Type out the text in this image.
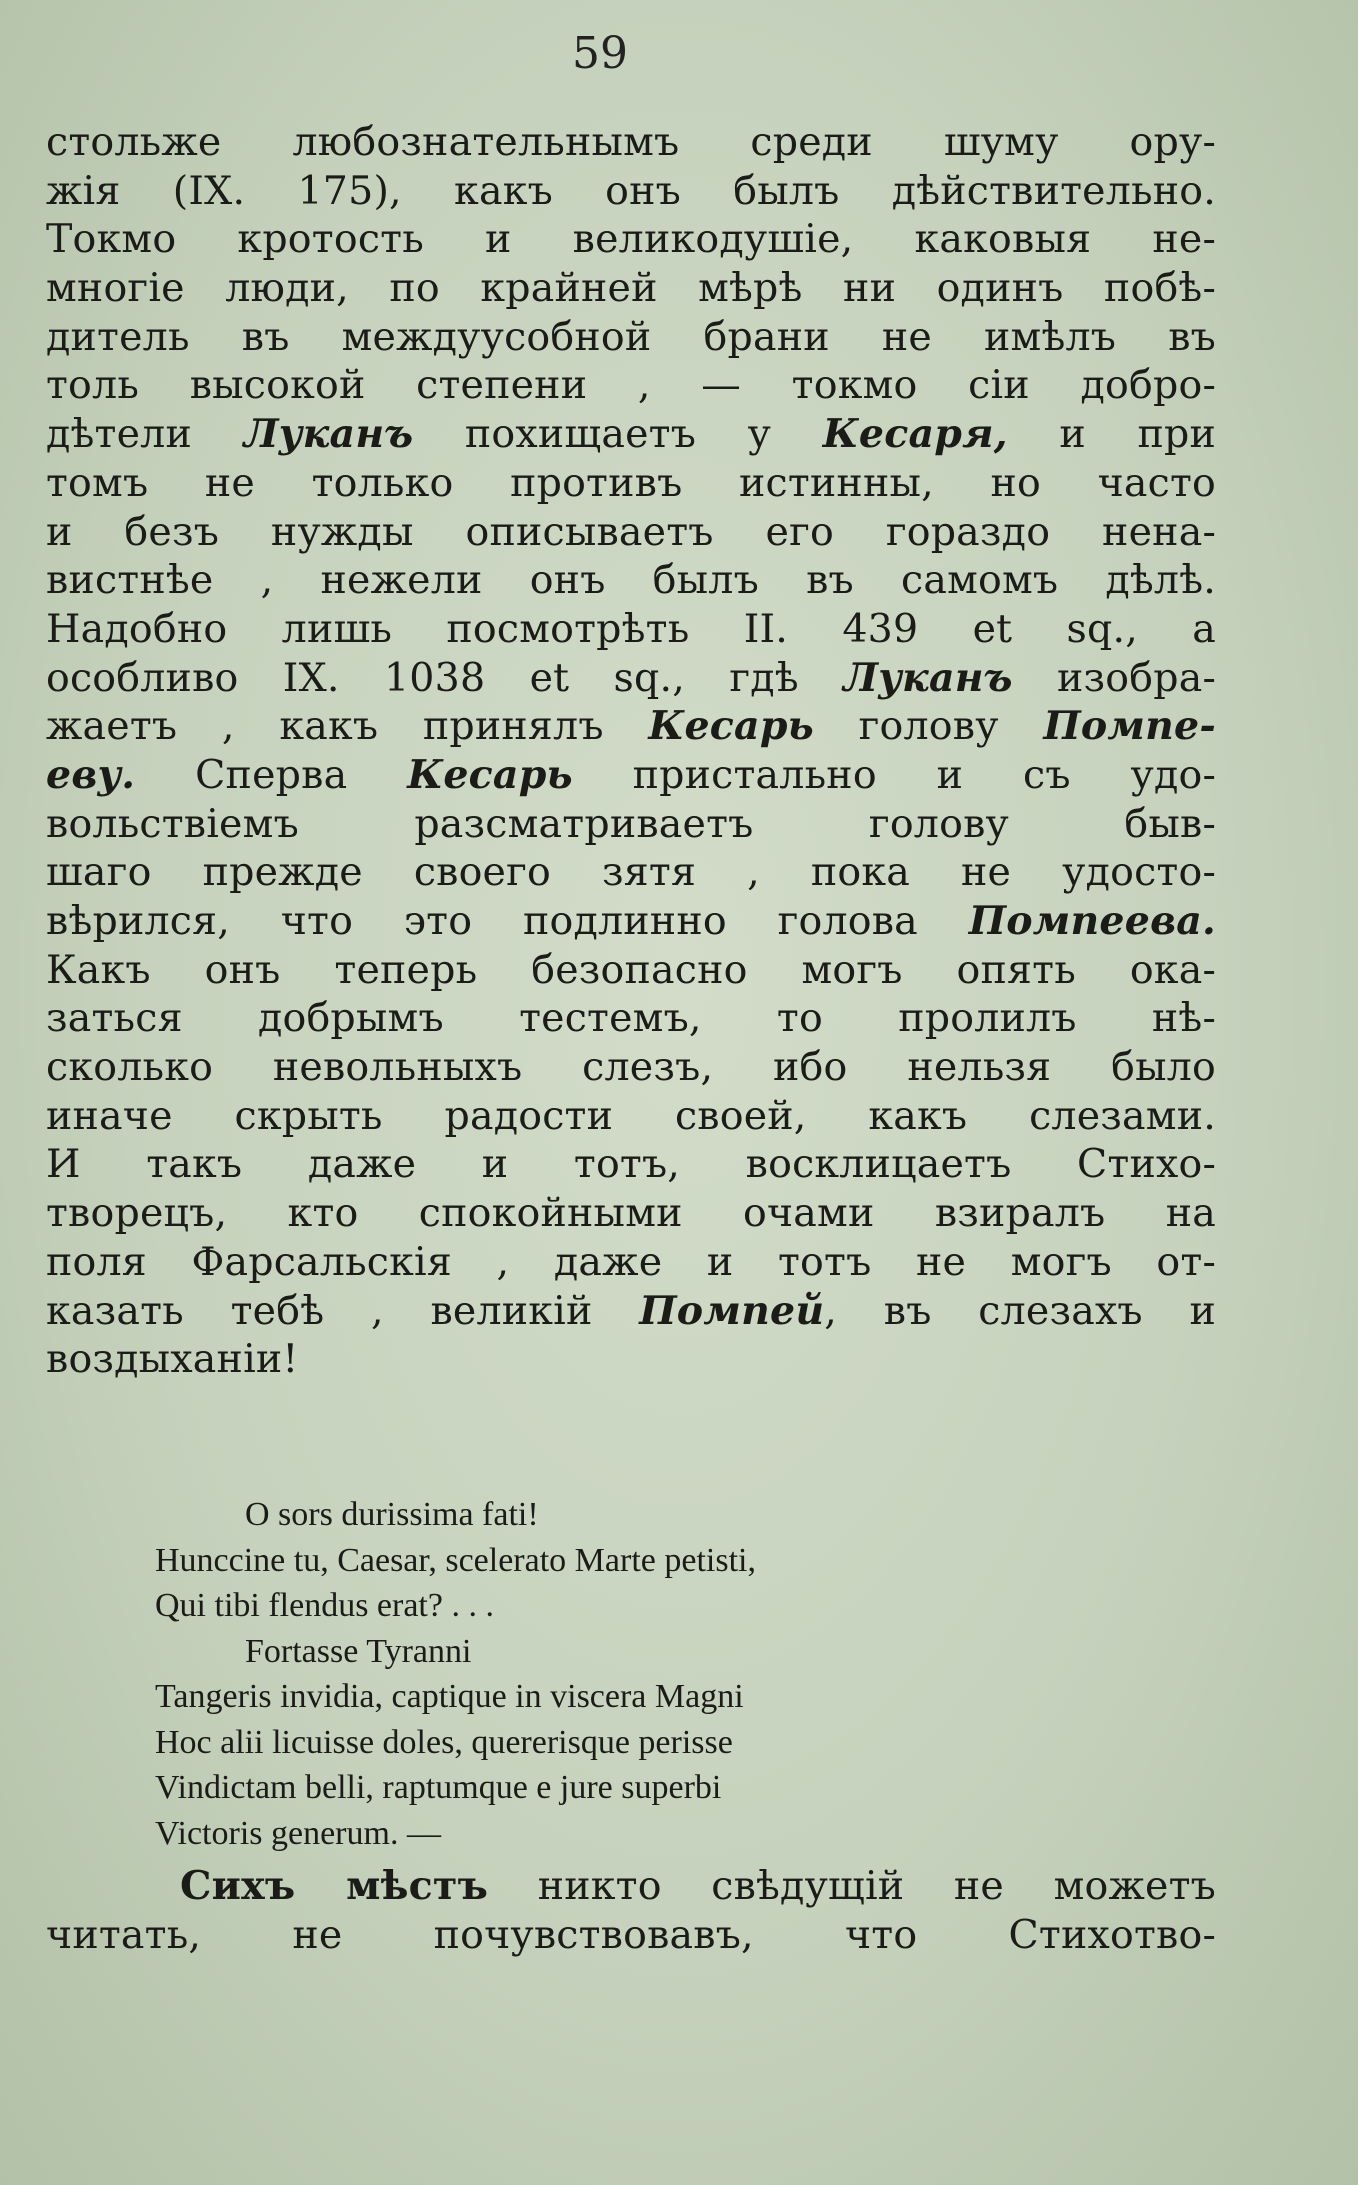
59
стольже любознательнымъ среди шуму ору-
жія (IX. 175), какъ онъ былъ дѣйствительно.
Токмо кротость и великодушіе, каковыя не-
многіе люди, по крайней мѣрѣ ни одинъ побѣ-
дитель въ междуусобной брани не имѣлъ въ
толь высокой степени , — токмо сіи добро-
дѣтели Луканъ похищаетъ у Кесаря, и при
томъ не только противъ истинны, но часто
и безъ нужды описываетъ его гораздо нена-
вистнѣе , нежели онъ былъ въ самомъ дѣлѣ.
Надобно лишь посмотрѣть II. 439 et sq., а
особливо IX. 1038 et sq., гдѣ Луканъ изобра-
жаетъ , какъ принялъ Кесарь голову Помпе-
еву. Сперва Кесарь пристально и съ удо-
вольствіемъ разсматриваетъ голову быв-
шаго прежде своего зятя , пока не удосто-
вѣрился, что это подлинно голова Помпеева.
Какъ онъ теперь безопасно могъ опять ока-
заться добрымъ тестемъ, то пролилъ нѣ-
сколько невольныхъ слезъ, ибо нельзя было
иначе скрыть радости своей, какъ слезами.
И такъ даже и тотъ, восклицаетъ Стихо-
творецъ, кто спокойными очами взиралъ на
поля Фарсальскія , даже и тотъ не могъ от-
казать тебѣ , великій Помпей, въ слезахъ и
воздыханіи!
O sors durissima fati!
Hunccine tu, Caesar, scelerato Marte petisti,
Qui tibi flendus erat? . . .
Fortasse Tyranni
Tangeris invidia, captique in viscera Magni
Hoc alii licuisse doles, quererisque perisse
Vindictam belli, raptumque e jure superbi
Victoris generum. —
Сихъ мѣстъ никто свѣдущій не можетъ
читать, не почувствовавъ, что Стихотво-
